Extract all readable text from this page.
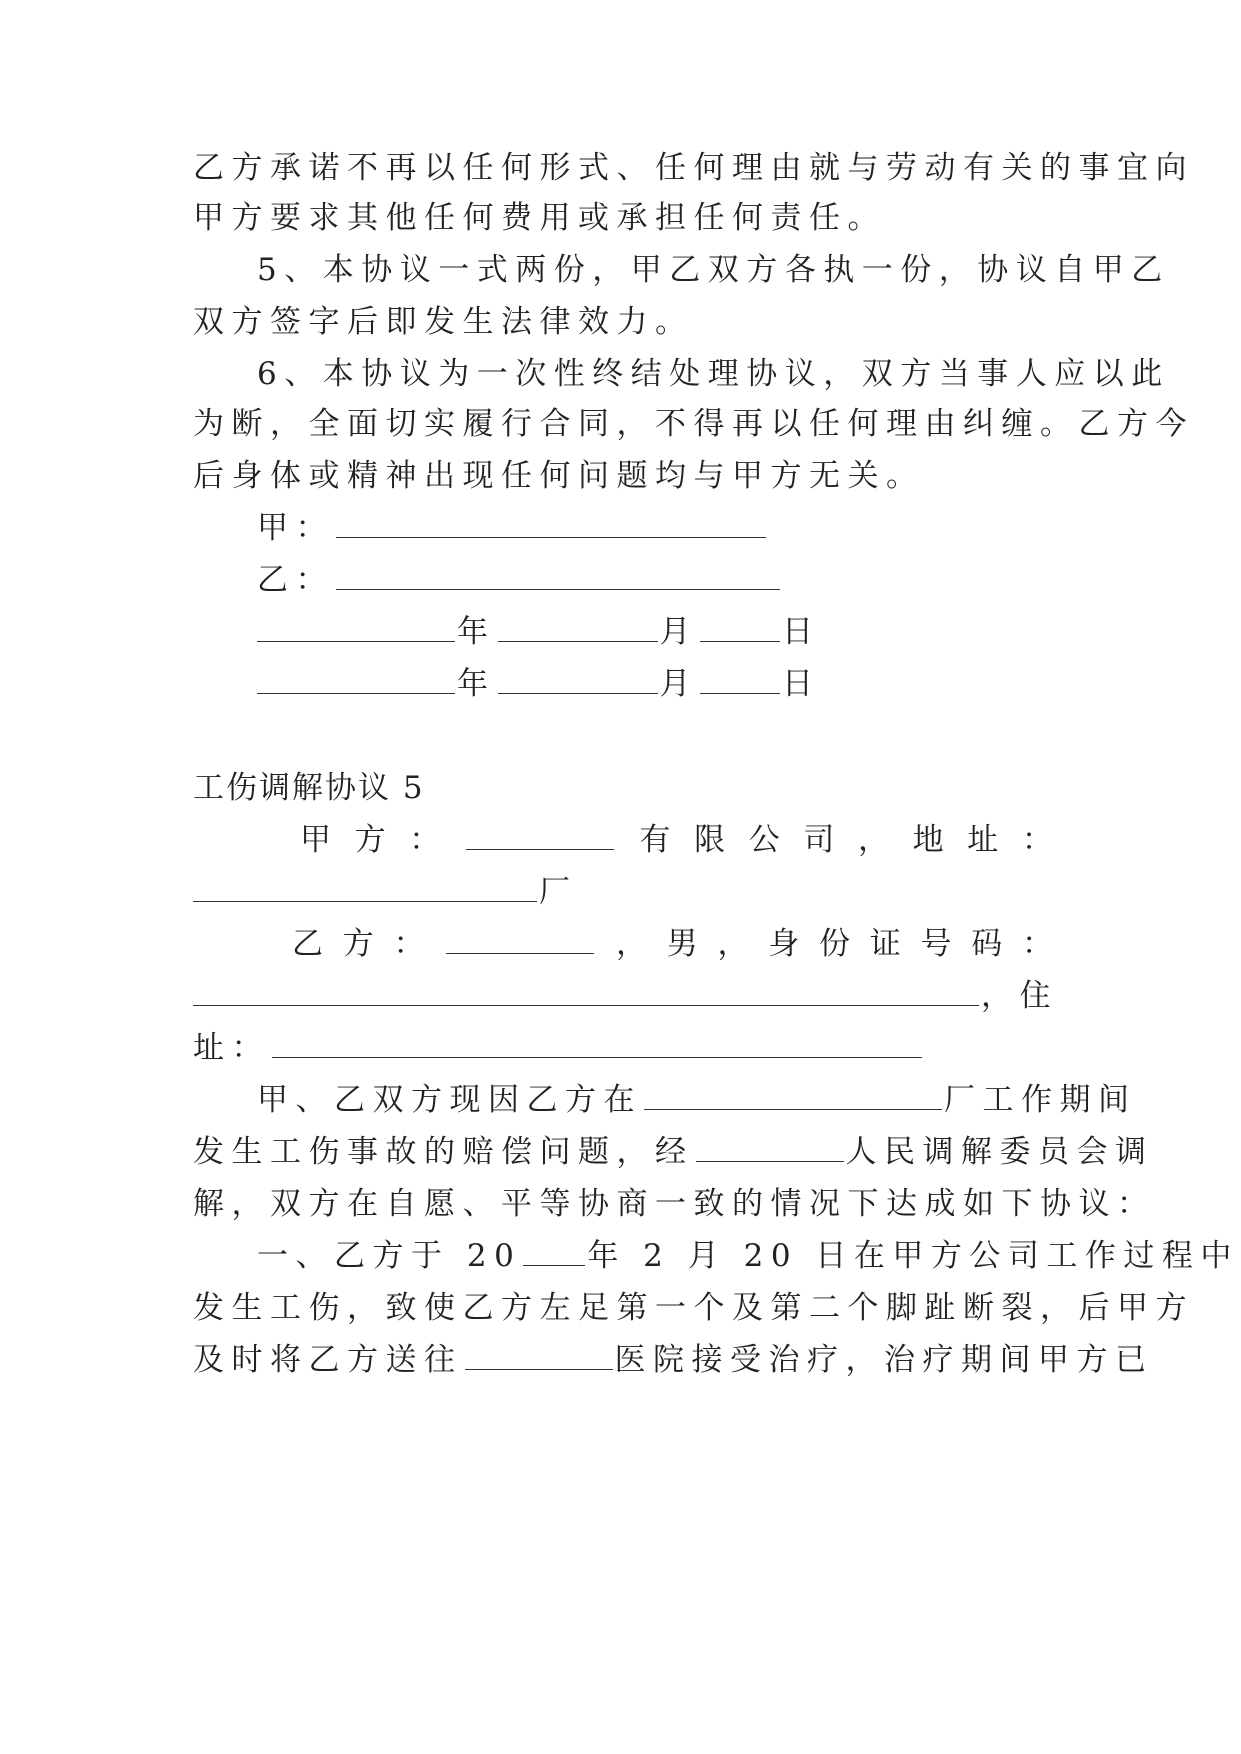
乙方承诺不再以任何形式、任何理由就与劳动有关的事宜向
甲方要求其他任何费用或承担任何责任。
5、本协议一式两份，甲乙双方各执一份，协议自甲乙
双方签字后即发生法律效力。
6、本协议为一次性终结处理协议，双方当事人应以此
为断，全面切实履行合同，不得再以任何理由纠缠。乙方今
后身体或精神出现任何问题均与甲方无关。
甲：
乙：
年	月	日
年	月	日
工伤调解协议 5
甲 方 ：	有 限 公 司 ， 地 址 ：
厂
乙 方 ：	， 男 ， 身 份 证 号 码 ：
，住
址：
甲、乙双方现因乙方在	厂工作期间
发生工伤事故的赔偿问题，经	人民调解委员会调
解，双方在自愿、平等协商一致的情况下达成如下协议：
一、乙方于 20 年 2 月 20 日在甲方公司工作过程中
发生工伤，致使乙方左足第一个及第二个脚趾断裂，后甲方
及时将乙方送往	医院接受治疗，治疗期间甲方已
